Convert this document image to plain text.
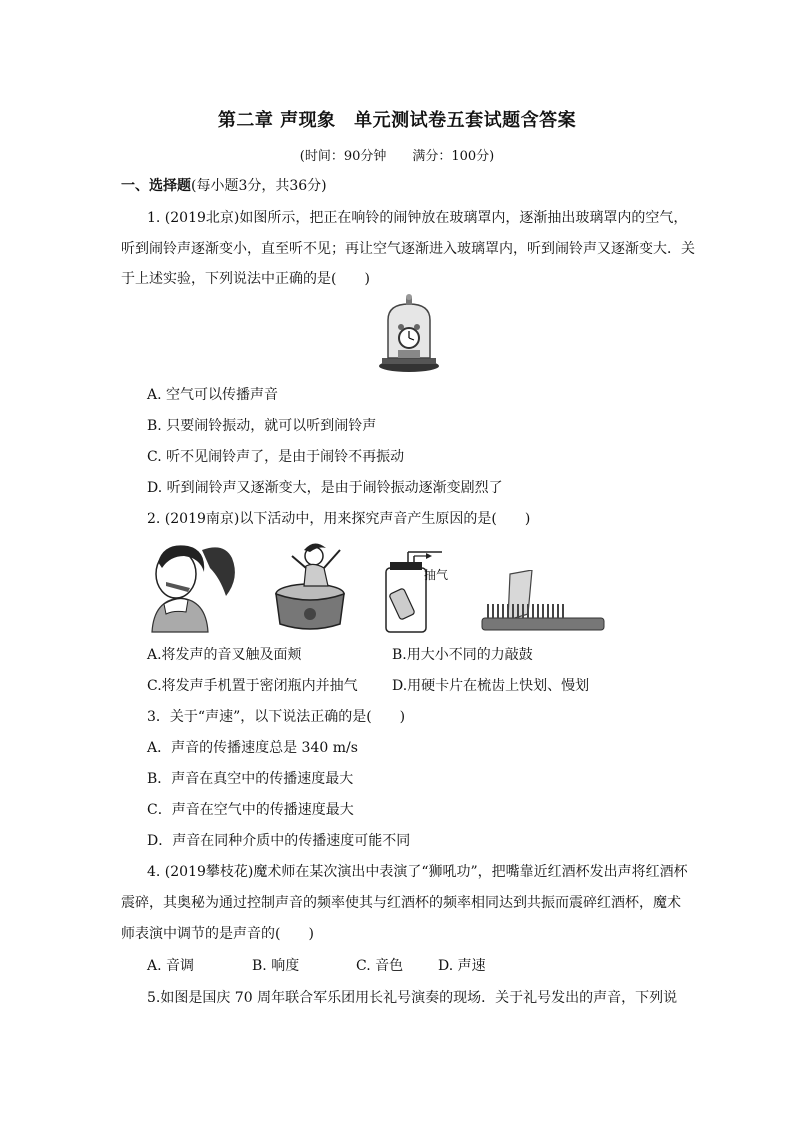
第二章 声现象　单元测试卷五套试题含答案
(时间：90分钟　　满分：100分)
一、选择题(每小题3分，共36分)
1. (2019北京)如图所示，把正在响铃的闹钟放在玻璃罩内，逐渐抽出玻璃罩内的空气，
听到闹铃声逐渐变小，直至听不见；再让空气逐渐进入玻璃罩内，听到闹铃声又逐渐变大．关
于上述实验，下列说法中正确的是(　　)
A. 空气可以传播声音
B. 只要闹铃振动，就可以听到闹铃声
C. 听不见闹铃声了，是由于闹铃不再振动
D. 听到闹铃声又逐渐变大，是由于闹铃振动逐渐变剧烈了
2. (2019南京)以下活动中，用来探究声音产生原因的是(　　)
抽气
A.将发声的音叉触及面颊	B.用大小不同的力敲鼓
C.将发声手机置于密闭瓶内并抽气 D.用硬卡片在梳齿上快划、慢划
3．关于“声速”，以下说法正确的是(　　)
A．声音的传播速度总是 340 m/s
B．声音在真空中的传播速度最大
C．声音在空气中的传播速度最大
D．声音在同种介质中的传播速度可能不同
4. (2019攀枝花)魔术师在某次演出中表演了“狮吼功”，把嘴靠近红酒杯发出声将红酒杯
震碎，其奥秘为通过控制声音的频率使其与红酒杯的频率相同达到共振而震碎红酒杯，魔术
师表演中调节的是声音的(　　)
A. 音调	B. 响度	C. 音色 D. 声速
5.如图是国庆 70 周年联合军乐团用长礼号演奏的现场．关于礼号发出的声音，下列说
